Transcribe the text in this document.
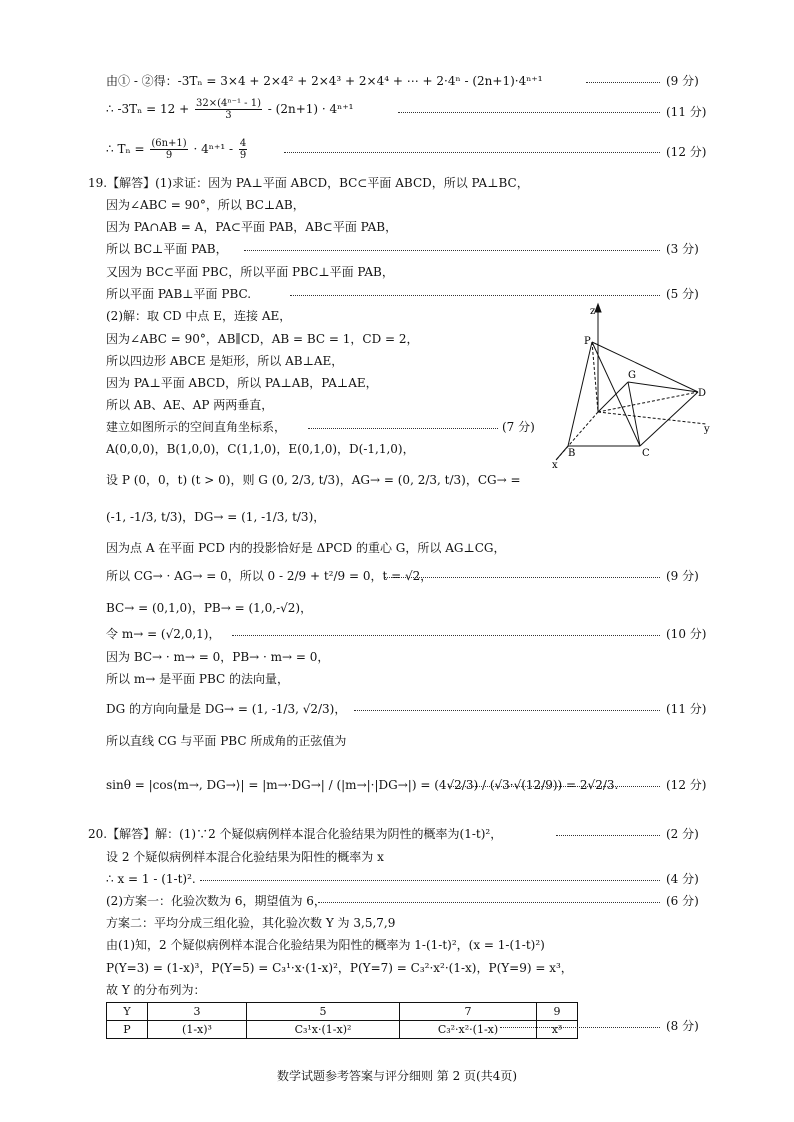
由① - ②得：-3Tₙ = 3×4 + 2×4² + 2×4³ + 2×4⁴ + ⋯ + 2·4ⁿ - (2n+1)·4ⁿ⁺¹	(9 分)
∴ $-3T_n = 12 + \frac{\text{32×(4ⁿ⁻¹ - 1)}}{3} - (2n+1) \cdot 4^{n+1}$	(11 分)
∴ $T_n = \frac{(6n+1)}{9} \cdot 4^{n+1} - \frac{4}{9}$	(12 分)
19.【解答】(1)求证：因为 PA⊥平面 ABCD，BC⊂平面 ABCD，所以 PA⊥BC，
因为∠ABC = 90°，所以 BC⊥AB，
因为 PA∩AB = A，PA⊂平面 PAB，AB⊂平面 PAB，
所以 BC⊥平面 PAB，	(3 分)
又因为 BC⊂平面 PBC，所以平面 PBC⊥平面 PAB，
所以平面 PAB⊥平面 PBC.	(5 分)
(2)解：取 CD 中点 E，连接 AE，
因为∠ABC = 90°，AB∥CD，AB = BC = 1，CD = 2，
所以四边形 ABCE 是矩形，所以 AB⊥AE，
因为 PA⊥平面 ABCD，所以 PA⊥AB，PA⊥AE，
所以 AB、AE、AP 两两垂直，
建立如图所示的空间直角坐标系，	(7 分)
A(0,0,0)，B(1,0,0)，C(1,1,0)，E(0,1,0)，D(-1,1,0)，
设 P (0，0，t) (t > 0)，则 G (0, 2/3, t/3)，AG→ = (0, 2/3, t/3)，CG→ =
(-1, -1/3, t/3)，DG→ = (1, -1/3, t/3)，
因为点 A 在平面 PCD 内的投影恰好是 ΔPCD 的重心 G，所以 AG⊥CG，
所以 CG→ · AG→ = 0，所以 0 - 2/9 + t²/9 = 0，t = √2，	(9 分)
BC→ = (0,1,0)，PB→ = (1,0,-√2)，
令 m→ = (√2,0,1)，	(10 分)
因为 BC→ · m→ = 0，PB→ · m→ = 0，
所以 m→ 是平面 PBC 的法向量，
DG 的方向向量是 DG→ = (1, -1/3, √2/3)，	(11 分)
所以直线 CG 与平面 PBC 所成角的正弦值为
sinθ = |cos⟨m→, DG→⟩| = |m→·DG→| / (|m→|·|DG→|) = (4√2/3) / (√3·√(12/9)) = 2√2/3.	(12 分)
20.【解答】解：(1)∵2 个疑似病例样本混合化验结果为阴性的概率为(1-t)²，	(2 分)
设 2 个疑似病例样本混合化验结果为阳性的概率为 x
∴ x = 1 - (1-t)².	(4 分)
(2)方案一：化验次数为 6，期望值为 6，	(6 分)
方案二：平均分成三组化验，其化验次数 Y 为 3,5,7,9
由(1)知，2 个疑似病例样本混合化验结果为阳性的概率为 1-(1-t)²，(x = 1-(1-t)²)
P(Y=3) = (1-x)³，P(Y=5) = C₃¹·x·(1-x)²，P(Y=7) = C₃²·x²·(1-x)，P(Y=9) = x³，
故 Y 的分布列为：
Y	3	5	7	9
P	(1-x)³	C₃¹x·(1-x)²	C₃²·x²·(1-x)	x³	(8 分)
z
P
G
D
y
B	C
x
数学试题参考答案与评分细则 第 2 页(共4页)
